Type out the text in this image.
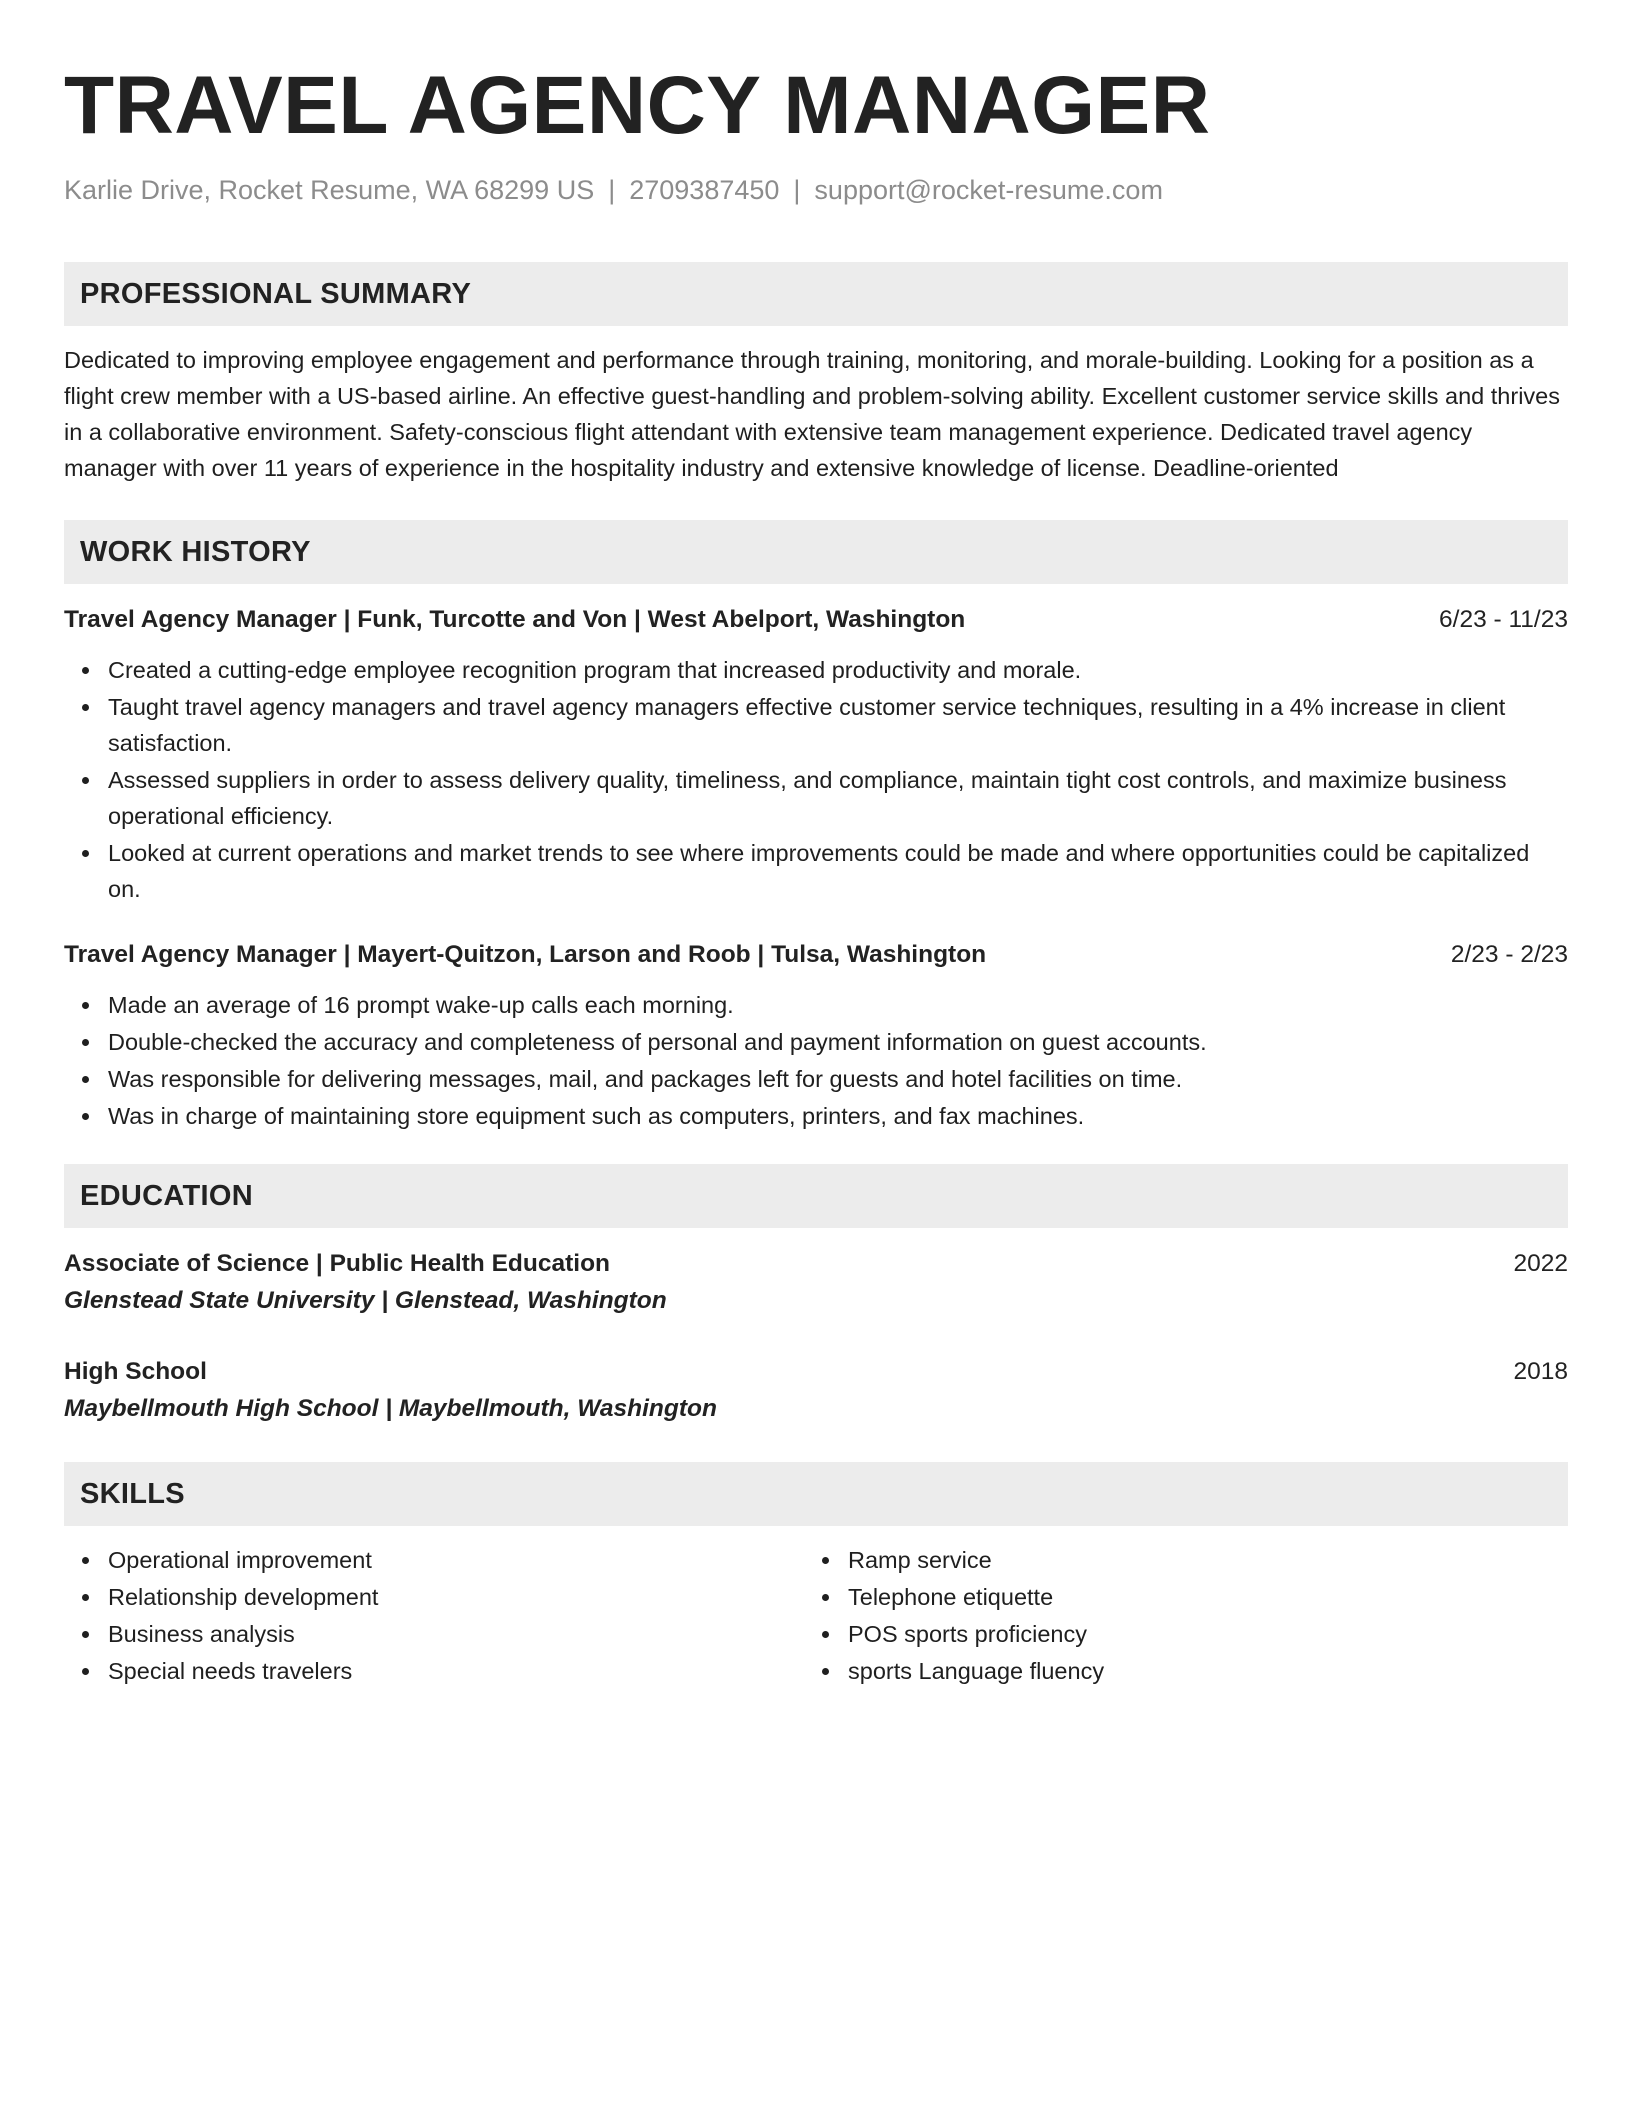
TRAVEL AGENCY MANAGER
Karlie Drive, Rocket Resume, WA 68299 US | 2709387450 | support@rocket-resume.com
PROFESSIONAL SUMMARY
Dedicated to improving employee engagement and performance through training, monitoring, and morale-building. Looking for a position as a flight crew member with a US-based airline. An effective guest-handling and problem-solving ability. Excellent customer service skills and thrives in a collaborative environment. Safety-conscious flight attendant with extensive team management experience. Dedicated travel agency manager with over 11 years of experience in the hospitality industry and extensive knowledge of license. Deadline-oriented
WORK HISTORY
Travel Agency Manager | Funk, Turcotte and Von | West Abelport, Washington	6/23 - 11/23
Created a cutting-edge employee recognition program that increased productivity and morale.
Taught travel agency managers and travel agency managers effective customer service techniques, resulting in a 4% increase in client satisfaction.
Assessed suppliers in order to assess delivery quality, timeliness, and compliance, maintain tight cost controls, and maximize business operational efficiency.
Looked at current operations and market trends to see where improvements could be made and where opportunities could be capitalized on.
Travel Agency Manager | Mayert-Quitzon, Larson and Roob | Tulsa, Washington	2/23 - 2/23
Made an average of 16 prompt wake-up calls each morning.
Double-checked the accuracy and completeness of personal and payment information on guest accounts.
Was responsible for delivering messages, mail, and packages left for guests and hotel facilities on time.
Was in charge of maintaining store equipment such as computers, printers, and fax machines.
EDUCATION
Associate of Science | Public Health Education	2022
Glenstead State University | Glenstead, Washington
High School	2018
Maybellmouth High School | Maybellmouth, Washington
SKILLS
Operational improvement
Relationship development
Business analysis
Special needs travelers
Ramp service
Telephone etiquette
POS sports proficiency
sports Language fluency
